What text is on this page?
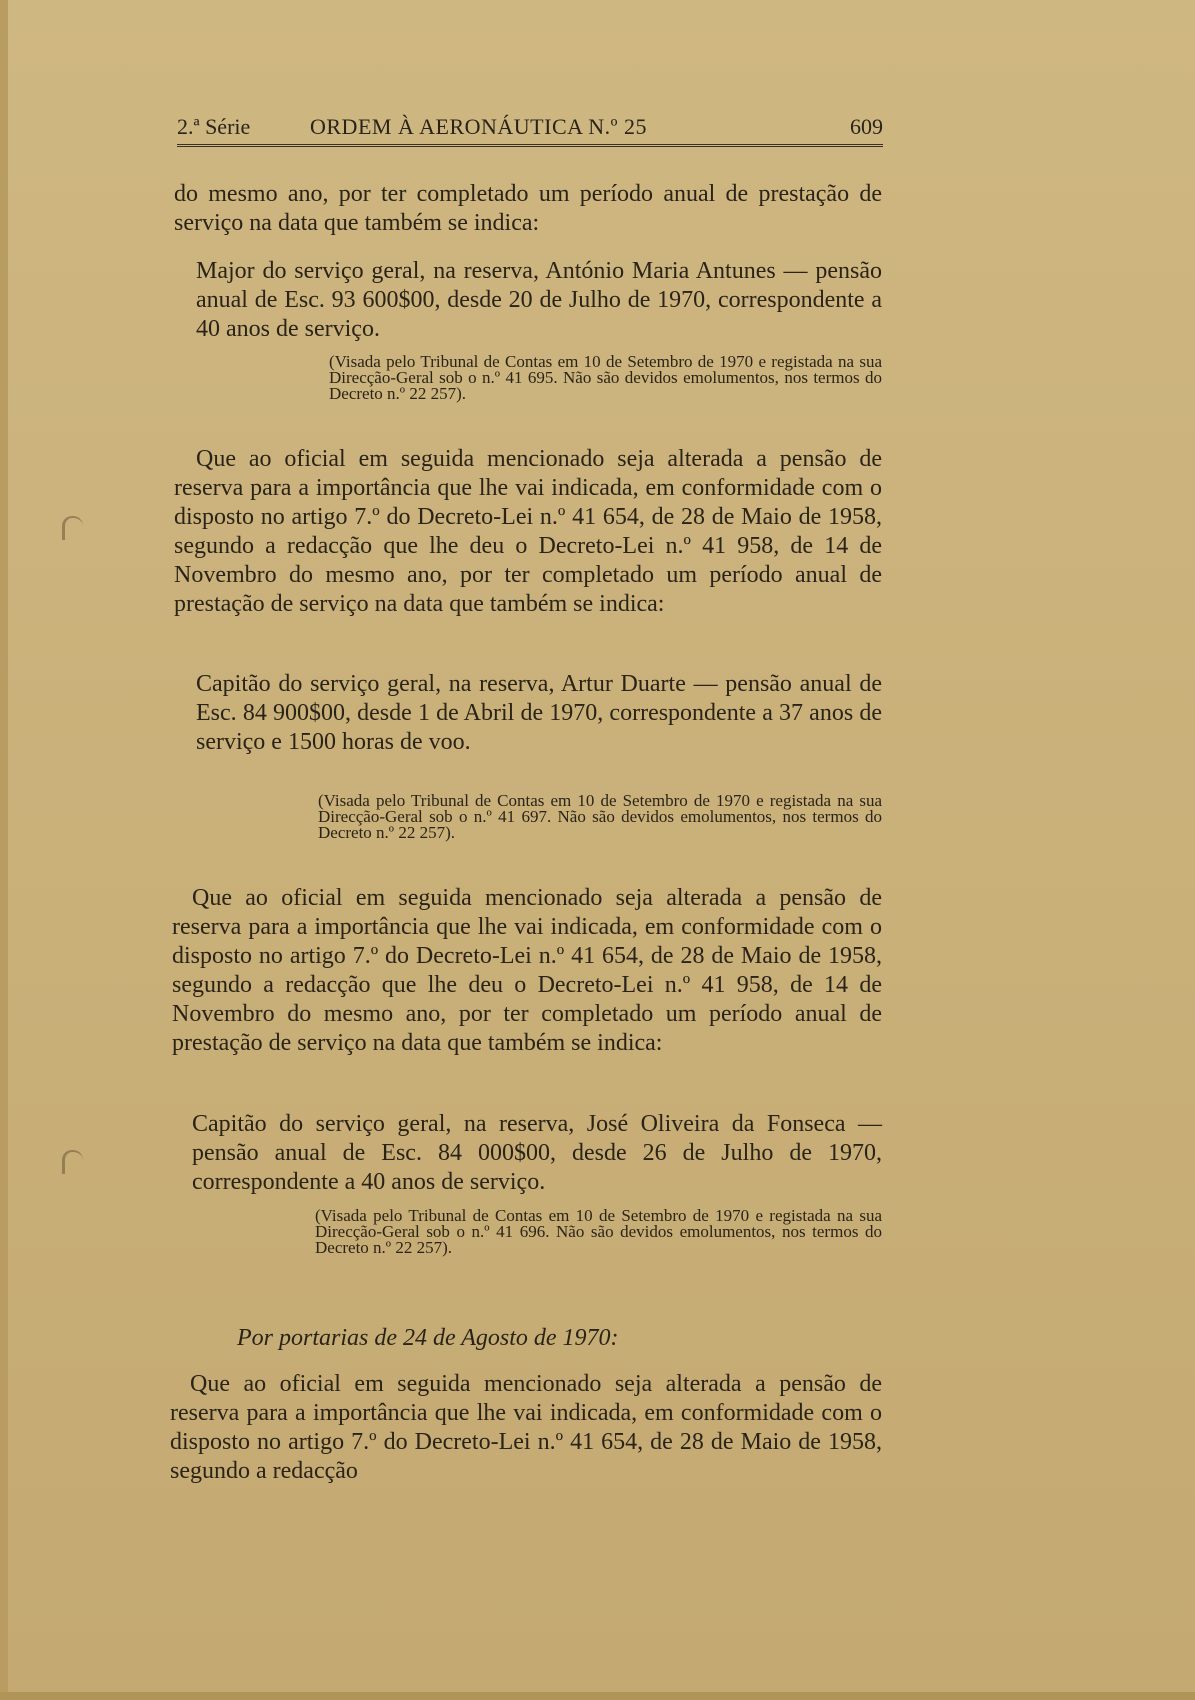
2.ª Série	ORDEM À AERONÁUTICA N.º 25	609

do mesmo ano, por ter completado um período anual de prestação de serviço na data que também se indica:

Major do serviço geral, na reserva, António Maria Antunes — pensão anual de Esc. 93 600$00, desde 20 de Julho de 1970, correspondente a 40 anos de serviço.

(Visada pelo Tribunal de Contas em 10 de Setembro de 1970 e registada na sua Direcção-Geral sob o n.º 41 695. Não são devidos emolumentos, nos termos do Decreto n.º 22 257).

Que ao oficial em seguida mencionado seja alterada a pensão de reserva para a importância que lhe vai indicada, em conformidade com o disposto no artigo 7.º do Decreto-Lei n.º 41 654, de 28 de Maio de 1958, segundo a redacção que lhe deu o Decreto-Lei n.º 41 958, de 14 de Novembro do mesmo ano, por ter completado um período anual de prestação de serviço na data que também se indica:

Capitão do serviço geral, na reserva, Artur Duarte — pensão anual de Esc. 84 900$00, desde 1 de Abril de 1970, correspondente a 37 anos de serviço e 1500 horas de voo.

(Visada pelo Tribunal de Contas em 10 de Setembro de 1970 e registada na sua Direcção-Geral sob o n.º 41 697. Não são devidos emolumentos, nos termos do Decreto n.º 22 257).

Que ao oficial em seguida mencionado seja alterada a pensão de reserva para a importância que lhe vai indicada, em conformidade com o disposto no artigo 7.º do Decreto-Lei n.º 41 654, de 28 de Maio de 1958, segundo a redacção que lhe deu o Decreto-Lei n.º 41 958, de 14 de Novembro do mesmo ano, por ter completado um período anual de prestação de serviço na data que também se indica:

Capitão do serviço geral, na reserva, José Oliveira da Fonseca — pensão anual de Esc. 84 000$00, desde 26 de Julho de 1970, correspondente a 40 anos de serviço.

(Visada pelo Tribunal de Contas em 10 de Setembro de 1970 e registada na sua Direcção-Geral sob o n.º 41 696. Não são devidos emolumentos, nos termos do Decreto n.º 22 257).

Por portarias de 24 de Agosto de 1970:

Que ao oficial em seguida mencionado seja alterada a pensão de reserva para a importância que lhe vai indicada, em conformidade com o disposto no artigo 7.º do Decreto-Lei n.º 41 654, de 28 de Maio de 1958, segundo a redacção
